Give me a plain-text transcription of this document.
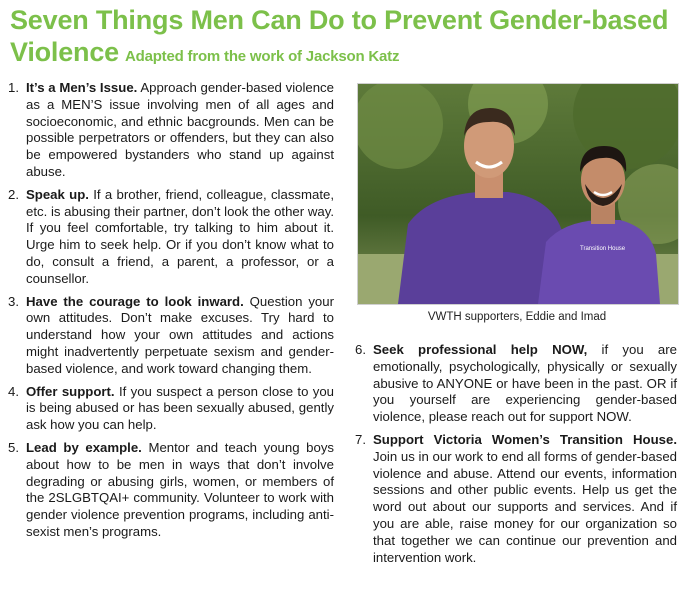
Seven Things Men Can Do to Prevent Gender-based Violence Adapted from the work of Jackson Katz
1. It’s a Men’s Issue. Approach gender-based violence as a MEN’S issue involving men of all ages and socioeconomic, and ethnic bacgrounds. Men can be possible perpetrators or offenders, but they can also be empowered bystanders who stand up against abuse.
2. Speak up. If a brother, friend, colleague, classmate, etc. is abusing their partner, don’t look the other way. If you feel comfortable, try talking to him about it. Urge him to seek help. Or if you don’t know what to do, consult a friend, a parent, a professor, or a counsellor.
3. Have the courage to look inward. Question your own attitudes. Don’t make excuses. Try hard to understand how your own attitudes and actions might inadvertently perpetuate sexism and gender-based violence, and work toward changing them.
4. Offer support. If you suspect a person close to you is being abused or has been sexually abused, gently ask how you can help.
5. Lead by example. Mentor and teach young boys about how to be men in ways that don’t involve degrading or abusing girls, women, or members of the 2SLGBTQAI+ community. Volunteer to work with gender violence prevention programs, including anti-sexist men’s programs.
Transition House
VWTH supporters, Eddie and Imad
6. Seek professional help NOW, if you are emotionally, psychologically, physically or sexually abusive to ANYONE or have been in the past. OR if you yourself are experiencing gender-based violence, please reach out for support NOW.
7. Support Victoria Women’s Transition House. Join us in our work to end all forms of gender-based violence and abuse. Attend our events, information sessions and other public events. Help us get the word out about our supports and services. And if you are able, raise money for our organization so that together we can continue our prevention and intervention work.
